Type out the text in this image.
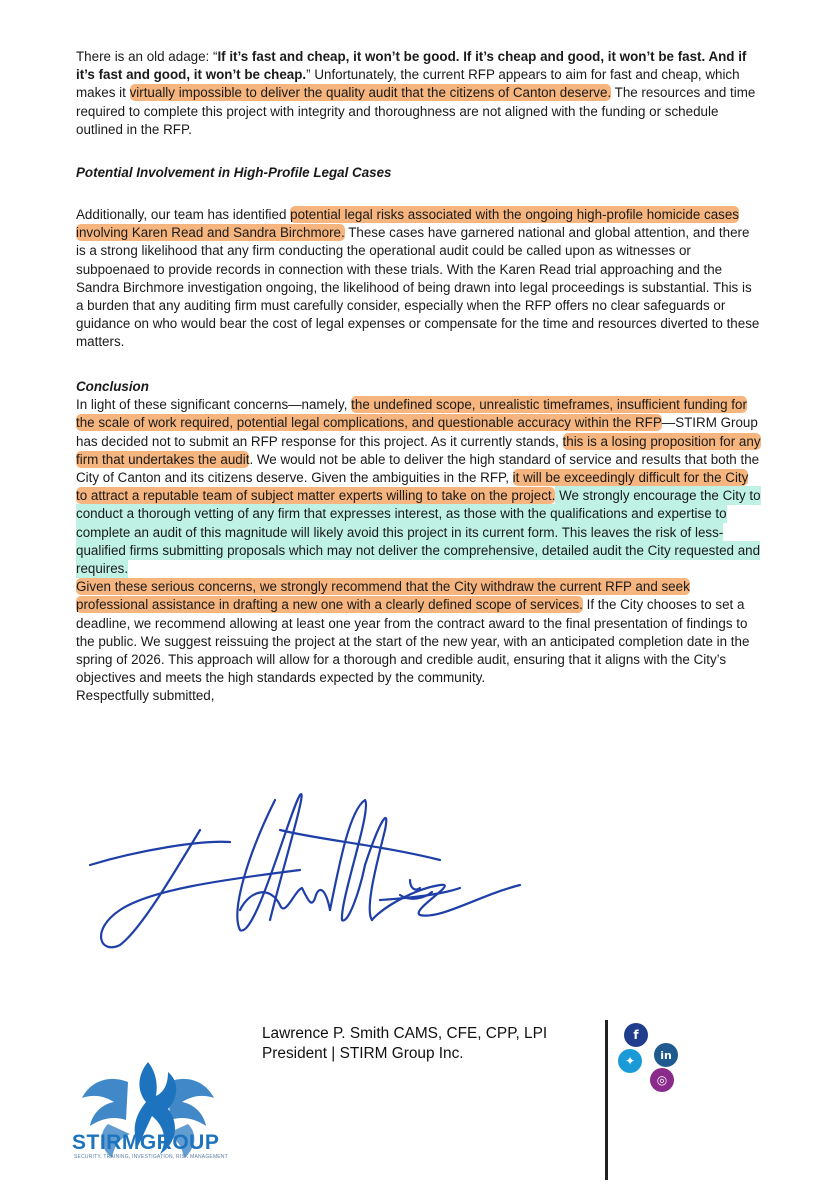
There is an old adage: “If it’s fast and cheap, it won’t be good. If it’s cheap and good, it won’t be fast. And if it’s fast and good, it won’t be cheap.” Unfortunately, the current RFP appears to aim for fast and cheap, which makes it virtually impossible to deliver the quality audit that the citizens of Canton deserve. The resources and time required to complete this project with integrity and thoroughness are not aligned with the funding or schedule outlined in the RFP.

Potential Involvement in High-Profile Legal Cases

Additionally, our team has identified potential legal risks associated with the ongoing high-profile homicide cases involving Karen Read and Sandra Birchmore. These cases have garnered national and global attention, and there is a strong likelihood that any firm conducting the operational audit could be called upon as witnesses or subpoenaed to provide records in connection with these trials. With the Karen Read trial approaching and the Sandra Birchmore investigation ongoing, the likelihood of being drawn into legal proceedings is substantial. This is a burden that any auditing firm must carefully consider, especially when the RFP offers no clear safeguards or guidance on who would bear the cost of legal expenses or compensate for the time and resources diverted to these matters.

Conclusion

In light of these significant concerns—namely, the undefined scope, unrealistic timeframes, insufficient funding for the scale of work required, potential legal complications, and questionable accuracy within the RFP—STIRM Group has decided not to submit an RFP response for this project. As it currently stands, this is a losing proposition for any firm that undertakes the audit. We would not be able to deliver the high standard of service and results that both the City of Canton and its citizens deserve. Given the ambiguities in the RFP, it will be exceedingly difficult for the City to attract a reputable team of subject matter experts willing to take on the project. We strongly encourage the City to conduct a thorough vetting of any firm that expresses interest, as those with the qualifications and expertise to complete an audit of this magnitude will likely avoid this project in its current form. This leaves the risk of less-qualified firms submitting proposals which may not deliver the comprehensive, detailed audit the City requested and requires.

Given these serious concerns, we strongly recommend that the City withdraw the current RFP and seek professional assistance in drafting a new one with a clearly defined scope of services. If the City chooses to set a deadline, we recommend allowing at least one year from the contract award to the final presentation of findings to the public. We suggest reissuing the project at the start of the new year, with an anticipated completion date in the spring of 2026. This approach will allow for a thorough and credible audit, ensuring that it aligns with the City’s objectives and meets the high standards expected by the community.

Respectfully submitted,

Lawrence P. Smith CAMS, CFE, CPP, LPI
President | STIRM Group Inc.
STIRMGROUP
SECURITY, TRAINING, INVESTIGATION, RISK MANAGEMENT
f
✦	in
◎
